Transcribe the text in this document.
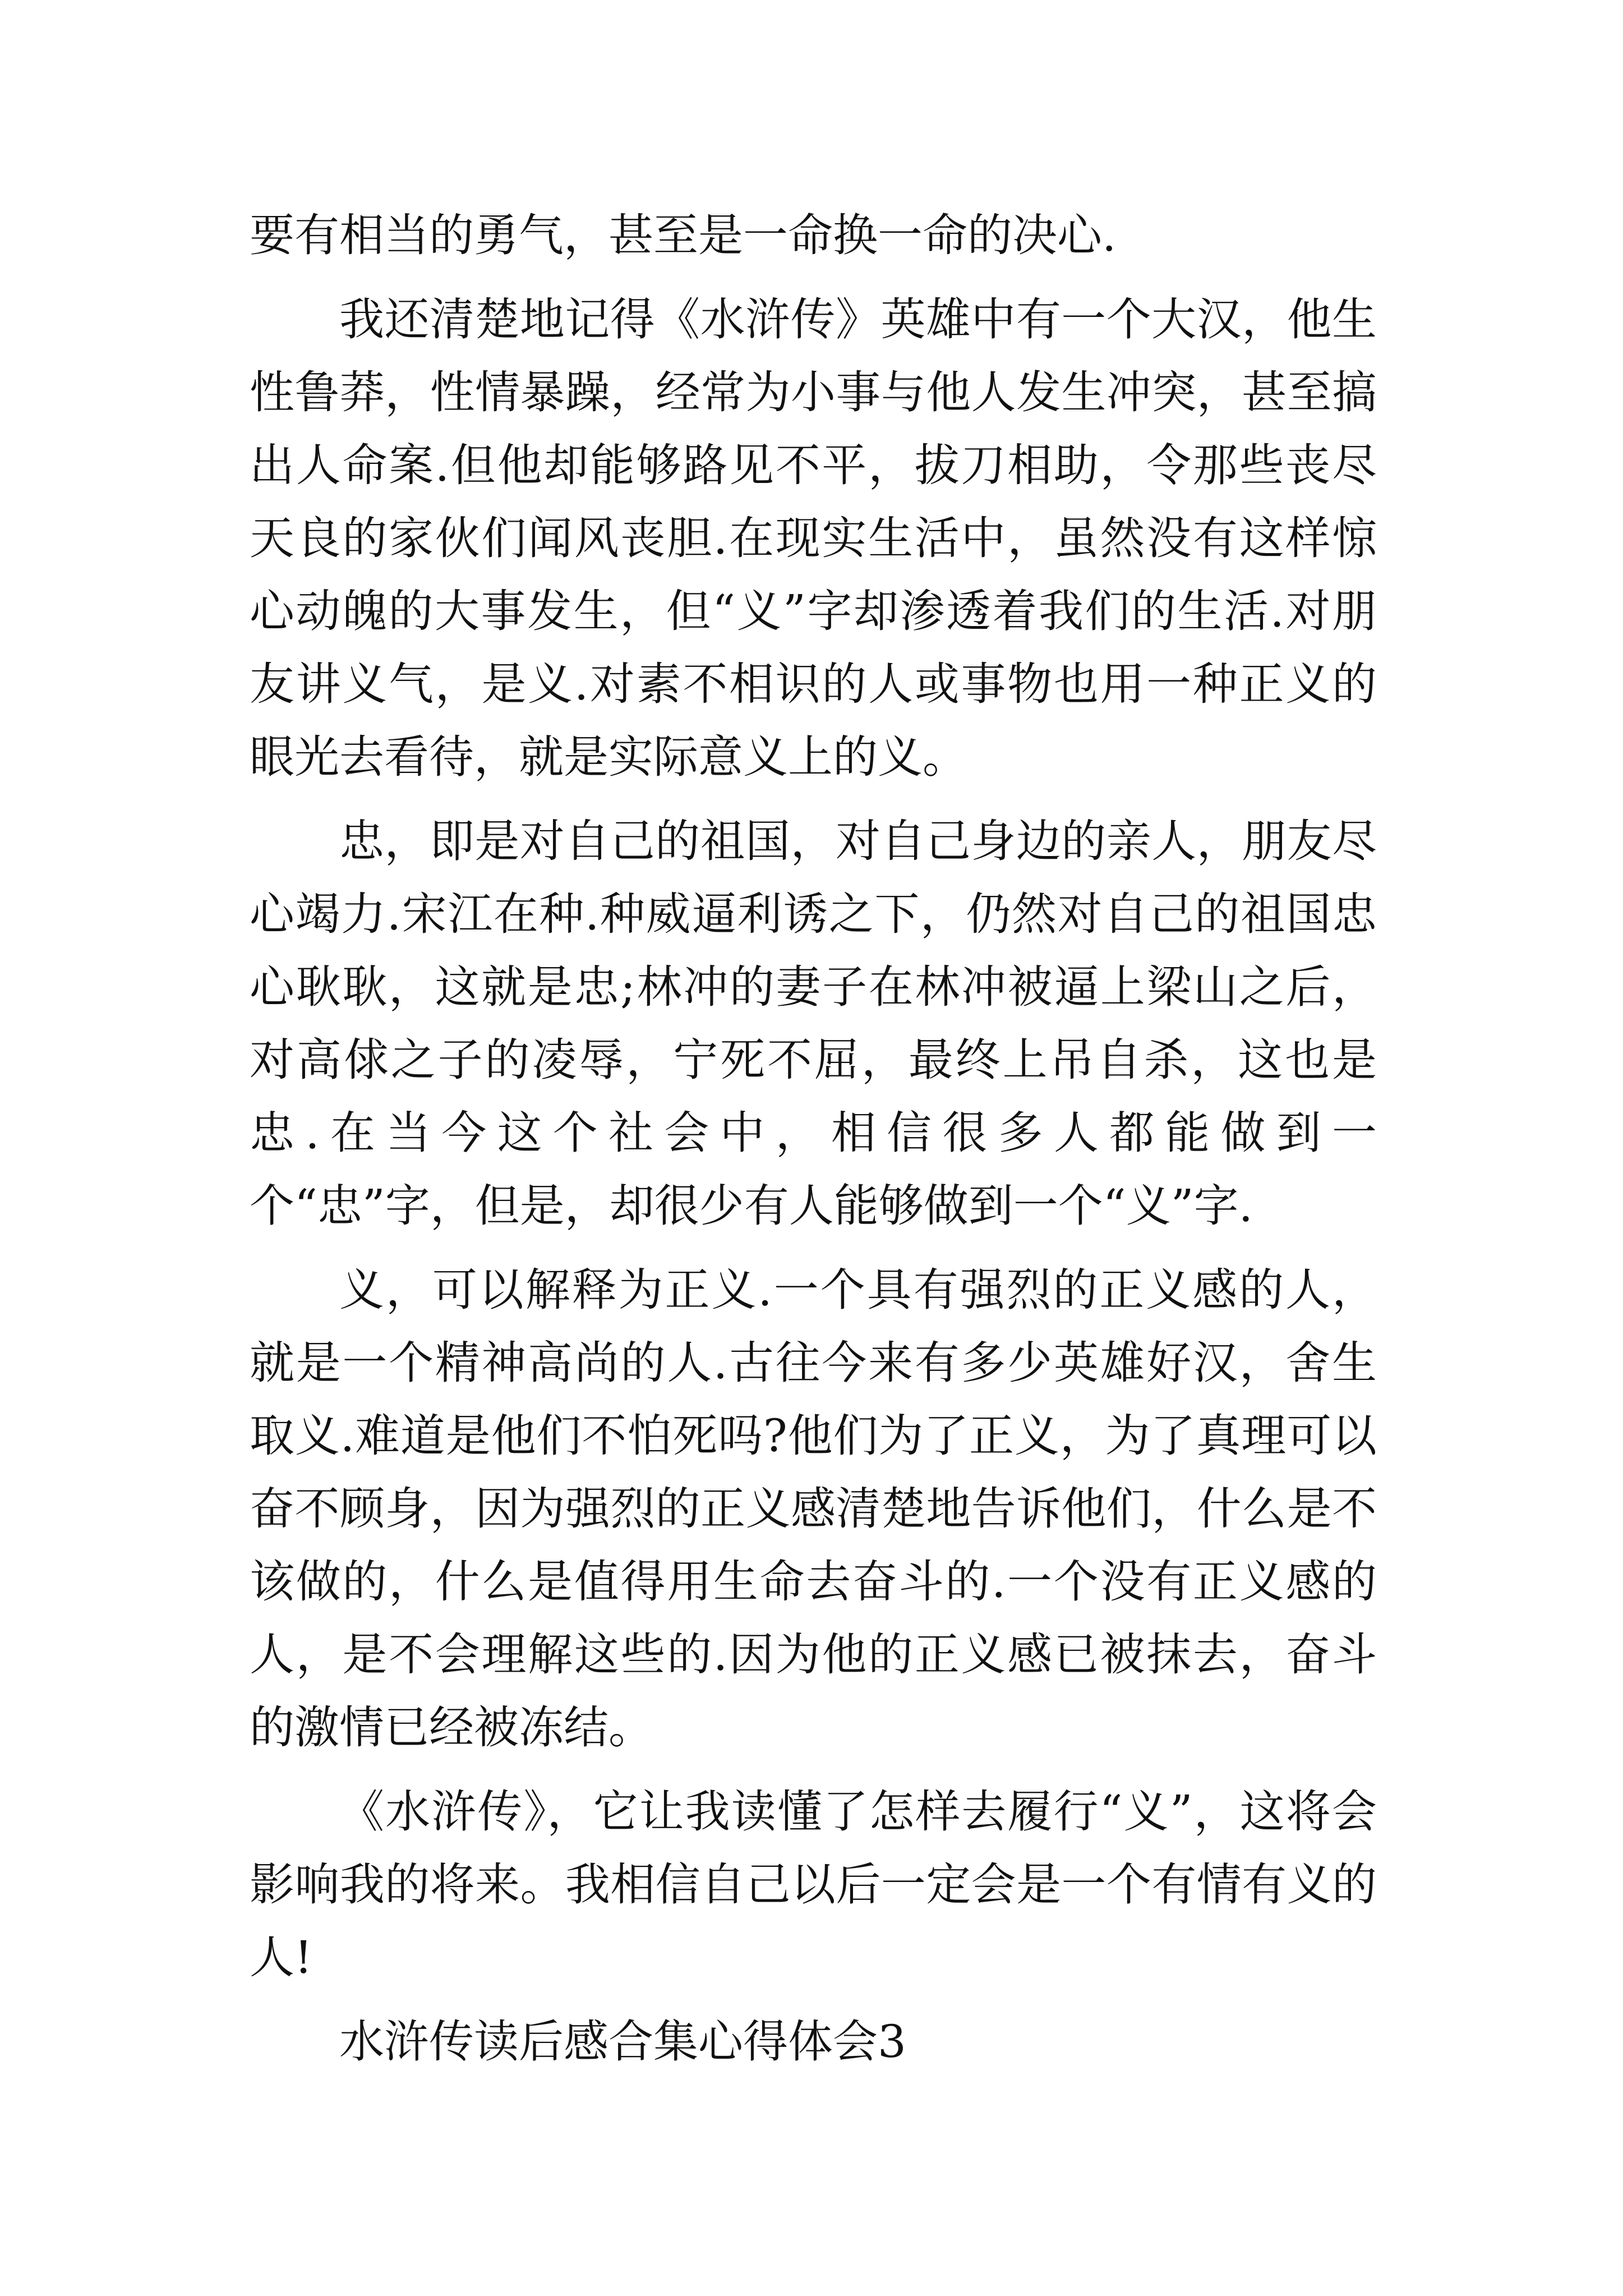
要有相当的勇气，甚至是一命换一命的决心.

我还清楚地记得《水浒传》英雄中有一个大汉，他生性鲁莽，性情暴躁，经常为小事与他人发生冲突，甚至搞出人命案.但他却能够路见不平，拔刀相助，令那些丧尽天良的家伙们闻风丧胆.在现实生活中，虽然没有这样惊心动魄的大事发生，但“义”字却渗透着我们的生活.对朋友讲义气，是义.对素不相识的人或事物也用一种正义的眼光去看待，就是实际意义上的义。

忠，即是对自己的祖国，对自己身边的亲人，朋友尽心竭力.宋江在种.种威逼利诱之下，仍然对自己的祖国忠心耿耿，这就是忠;林冲的妻子在林冲被逼上梁山之后，对高俅之子的凌辱，宁死不屈，最终上吊自杀，这也是忠.在当今这个社会中，相信很多人都能做到一个“忠”字，但是，却很少有人能够做到一个“义”字.

义，可以解释为正义.一个具有强烈的正义感的人，就是一个精神高尚的人.古往今来有多少英雄好汉，舍生取义.难道是他们不怕死吗?他们为了正义，为了真理可以奋不顾身，因为强烈的正义感清楚地告诉他们，什么是不该做的，什么是值得用生命去奋斗的.一个没有正义感的人，是不会理解这些的.因为他的正义感已被抹去，奋斗的激情已经被冻结。

《水浒传》，它让我读懂了怎样去履行“义”，这将会影响我的将来。我相信自己以后一定会是一个有情有义的人!

水浒传读后感合集心得体会3
